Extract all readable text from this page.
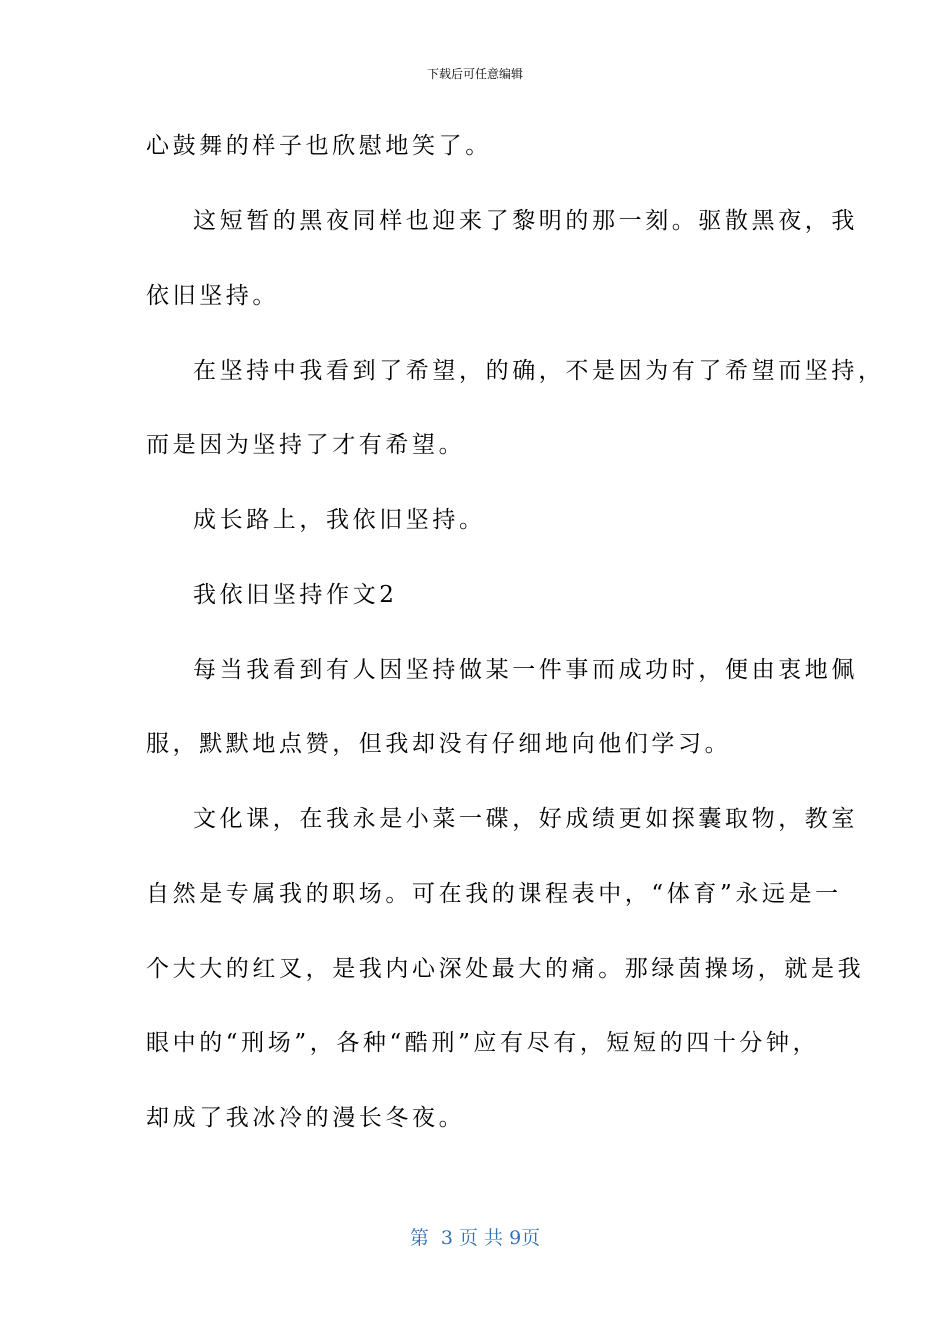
下载后可任意编辑
心鼓舞的样子也欣慰地笑了。
这短暂的黑夜同样也迎来了黎明的那一刻。驱散黑夜，我
依旧坚持。
在坚持中我看到了希望，的确，不是因为有了希望而坚持，
而是因为坚持了才有希望。
成长路上，我依旧坚持。
我依旧坚持作文2
每当我看到有人因坚持做某一件事而成功时，便由衷地佩
服，默默地点赞，但我却没有仔细地向他们学习。
文化课，在我永是小菜一碟，好成绩更如探囊取物，教室
自然是专属我的职场。可在我的课程表中，“体育”永远是一
个大大的红叉，是我内心深处最大的痛。那绿茵操场，就是我
眼中的“刑场”，各种“酷刑”应有尽有，短短的四十分钟，
却成了我冰冷的漫长冬夜。
第  3 页 共 9页
